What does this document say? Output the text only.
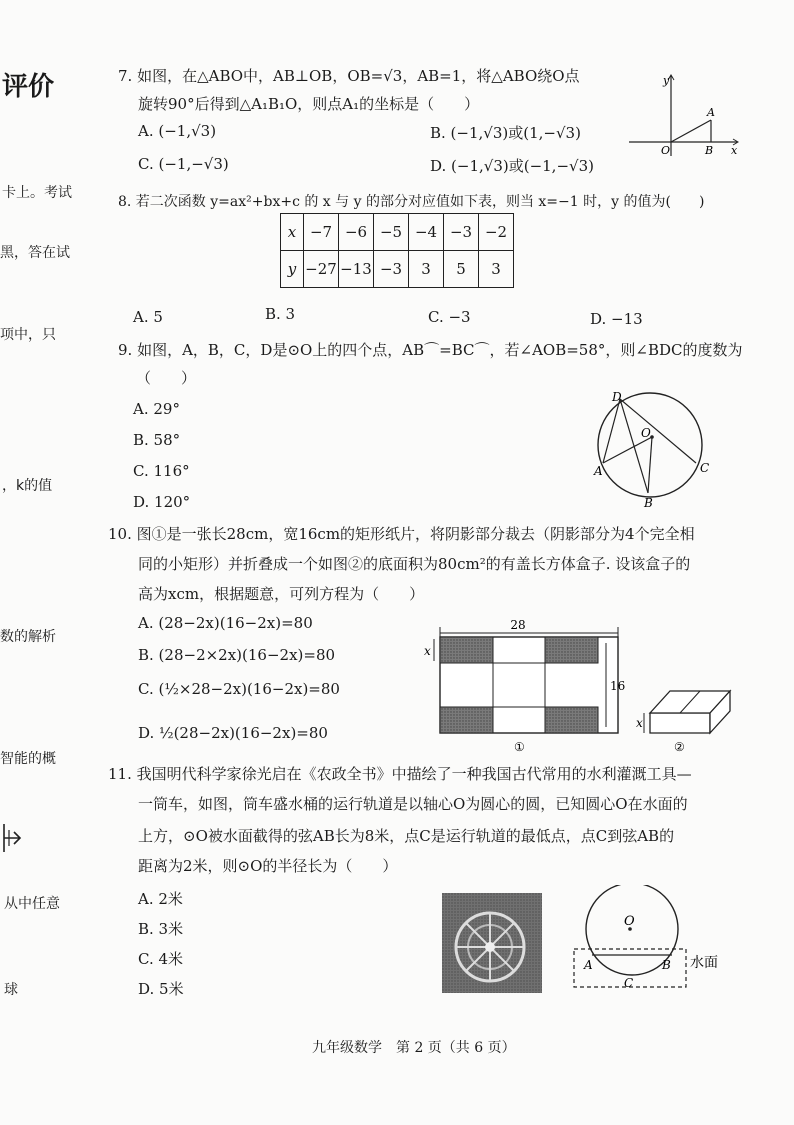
评价
卡上。考试
黑，答在试
项中，只
，k的值
数的解析
智能的概
从中任意
球
7. 如图，在△ABO中，AB⊥OB，OB=√3，AB=1，将△ABO绕O点
旋转90°后得到△A₁B₁O，则点A₁的坐标是（　　）
A. (−1,√3)	B. (−1,√3)或(1,−√3)
C. (−1,−√3)	D. (−1,√3)或(−1,−√3)
y
x
O
A
B
8. 若二次函数 y=ax²+bx+c 的 x 与 y 的部分对应值如下表，则当 x=−1 时，y 的值为(　　)
x	−7	−6	−5	−4	−3	−2
y	−27	−13	−3	3	5	3
A. 5	B. 3	C. −3	D. −13
9. 如图，A，B，C，D是⊙O上的四个点，AB⌒=BC⌒，若∠AOB=58°，则∠BDC的度数为
（　　）
A. 29°
B. 58°
C. 116°
D. 120°
D
O
A
B
C
10. 图①是一张长28cm，宽16cm的矩形纸片，将阴影部分裁去（阴影部分为4个完全相
同的小矩形）并折叠成一个如图②的底面积为80cm²的有盖长方体盒子. 设该盒子的
高为xcm，根据题意，可列方程为（　　）
A. (28−2x)(16−2x)=80
B. (28−2×2x)(16−2x)=80
C. (½×28−2x)(16−2x)=80
D. ½(28−2x)(16−2x)=80
28
16
x
①
x
②
11. 我国明代科学家徐光启在《农政全书》中描绘了一种我国古代常用的水利灌溉工具—
一筒车，如图，筒车盛水桶的运行轨道是以轴心O为圆心的圆，已知圆心O在水面的
上方，⊙O被水面截得的弦AB长为8米，点C是运行轨道的最低点，点C到弦AB的
距离为2米，则⊙O的半径长为（　　）
A. 2米
B. 3米
C. 4米
D. 5米
O
A	B
C
水面
九年级数学　第 2 页（共 6 页）
